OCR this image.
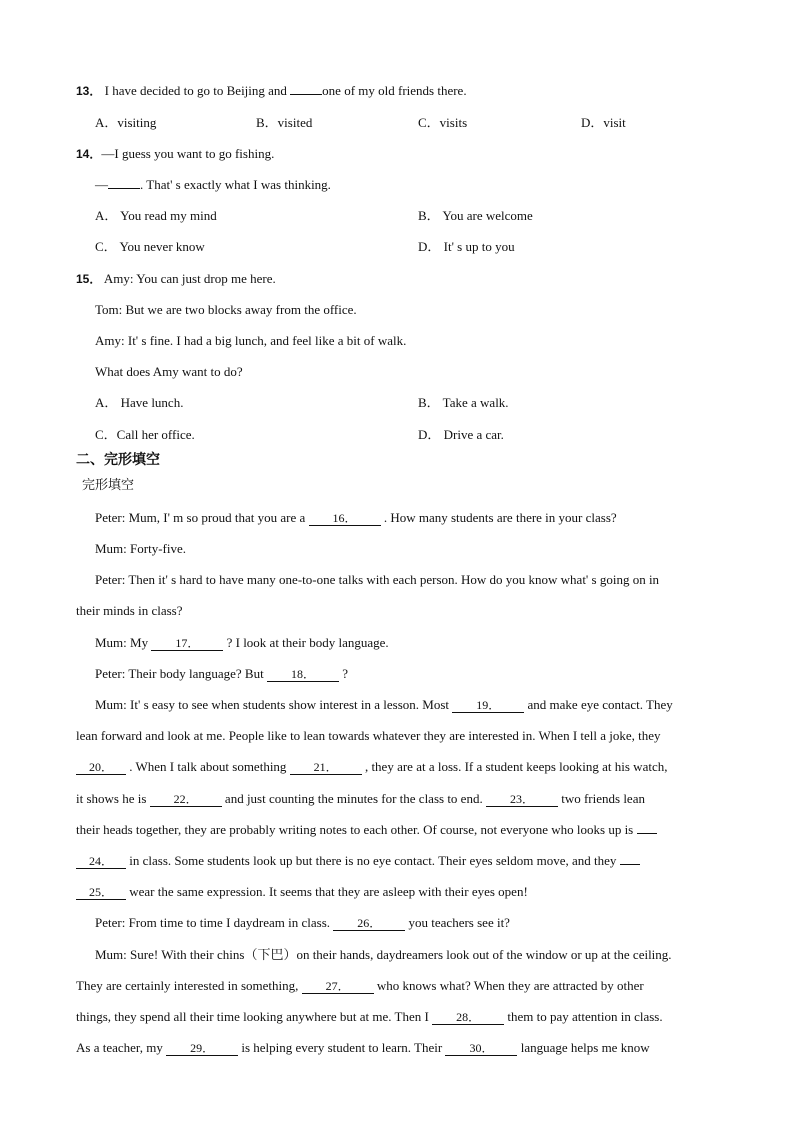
13． I have decided to go to Beijing and one of my old friends there.
A．visiting	B．visited	C．visits	D．visit
14．—I guess you want to go fishing.
— . That' s exactly what I was thinking.
A． You read my mind	B． You are welcome
C． You never know	D． It' s up to you
15． Amy: You can just drop me here.
Tom: But we are two blocks away from the office.
Amy: It' s fine. I had a big lunch, and feel like a bit of walk.
What does Amy want to do?
A． Have lunch.	B． Take a walk.
C．Call her office.	D． Drive a car.
二、完形填空
完形填空
Peter: Mum, I' m so proud that you are a 16． . How many students are there in your class?
Mum: Forty-five.
Peter: Then it' s hard to have many one-to-one talks with each person. How do you know what' s going on in
their minds in class?
Mum: My 17． ? I look at their body language.
Peter: Their body language? But 18． ?
Mum: It' s easy to see when students show interest in a lesson. Most 19． and make eye contact. They
lean forward and look at me. People like to lean towards whatever they are interested in. When I tell a joke, they
20． . When I talk about something 21． , they are at a loss. If a student keeps looking at his watch,
it shows he is 22． and just counting the minutes for the class to end. 23． two friends lean
their heads together, they are probably writing notes to each other. Of course, not everyone who looks up is
24． in class. Some students look up but there is no eye contact. Their eyes seldom move, and they
25． wear the same expression. It seems that they are asleep with their eyes open!
Peter: From time to time I daydream in class. 26． you teachers see it?
Mum: Sure! With their chins（下巴）on their hands, daydreamers look out of the window or up at the ceiling.
They are certainly interested in something, 27． who knows what? When they are attracted by other
things, they spend all their time looking anywhere but at me. Then I 28． them to pay attention in class.
As a teacher, my 29． is helping every student to learn. Their 30． language helps me know
